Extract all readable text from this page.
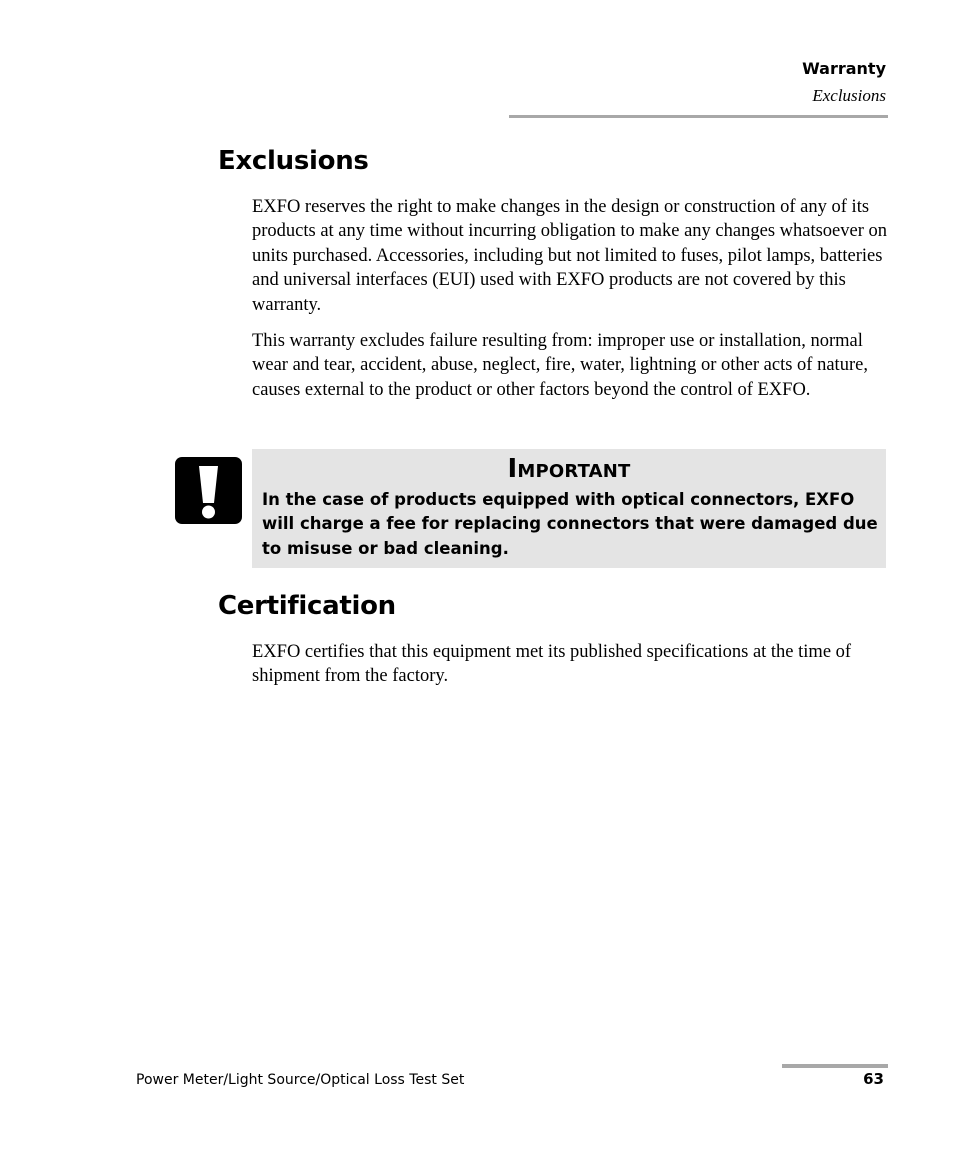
Warranty
Exclusions
Exclusions

EXFO reserves the right to make changes in the design or construction of any of its products at any time without incurring obligation to make any changes whatsoever on units purchased. Accessories, including but not limited to fuses, pilot lamps, batteries and universal interfaces (EUI) used with EXFO products are not covered by this warranty.

This warranty excludes failure resulting from: improper use or installation, normal wear and tear, accident, abuse, neglect, fire, water, lightning or other acts of nature, causes external to the product or other factors beyond the control of EXFO.

Important

In the case of products equipped with optical connectors, EXFO will charge a fee for replacing connectors that were damaged due to misuse or bad cleaning.

Certification

EXFO certifies that this equipment met its published specifications at the time of shipment from the factory.

Power Meter/Light Source/Optical Loss Test Set	63
